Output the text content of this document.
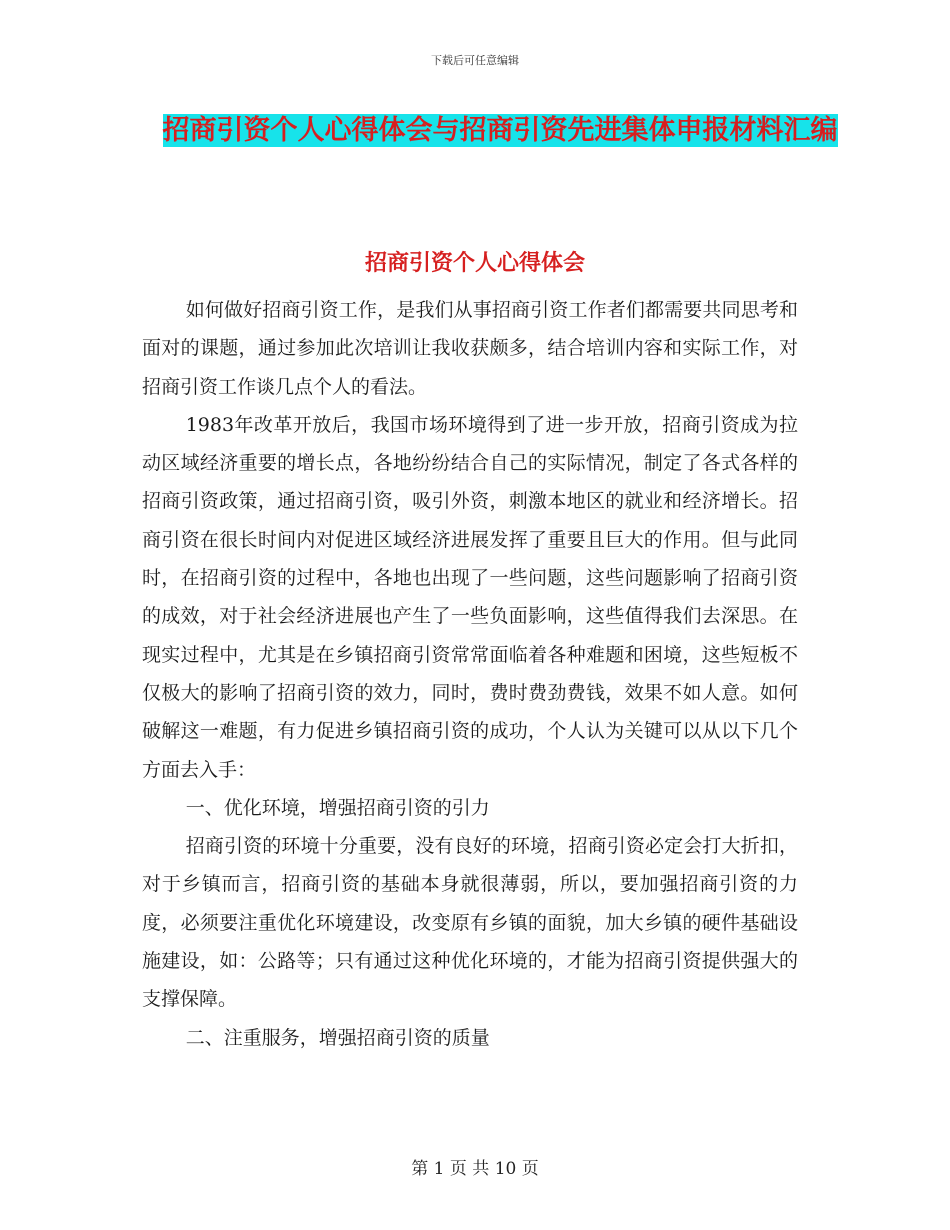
下载后可任意编辑
招商引资个人心得体会与招商引资先进集体申报材料汇编
招商引资个人心得体会

如何做好招商引资工作，是我们从事招商引资工作者们都需要共同思考和面对的课题，通过参加此次培训让我收获颇多，结合培训内容和实际工作，对招商引资工作谈几点个人的看法。

1983年改革开放后，我国市场环境得到了进一步开放，招商引资成为拉动区域经济重要的增长点，各地纷纷结合自己的实际情况，制定了各式各样的招商引资政策，通过招商引资，吸引外资，刺激本地区的就业和经济增长。招商引资在很长时间内对促进区域经济进展发挥了重要且巨大的作用。但与此同时，在招商引资的过程中，各地也出现了一些问题，这些问题影响了招商引资的成效，对于社会经济进展也产生了一些负面影响，这些值得我们去深思。在现实过程中，尤其是在乡镇招商引资常常面临着各种难题和困境，这些短板不仅极大的影响了招商引资的效力，同时，费时费劲费钱，效果不如人意。如何破解这一难题，有力促进乡镇招商引资的成功，个人认为关键可以从以下几个方面去入手：

一、优化环境，增强招商引资的引力

招商引资的环境十分重要，没有良好的环境，招商引资必定会打大折扣，对于乡镇而言，招商引资的基础本身就很薄弱，所以，要加强招商引资的力度，必须要注重优化环境建设，改变原有乡镇的面貌，加大乡镇的硬件基础设施建设，如：公路等；只有通过这种优化环境的，才能为招商引资提供强大的支撑保障。

二、注重服务，增强招商引资的质量

第 1 页 共 10 页
